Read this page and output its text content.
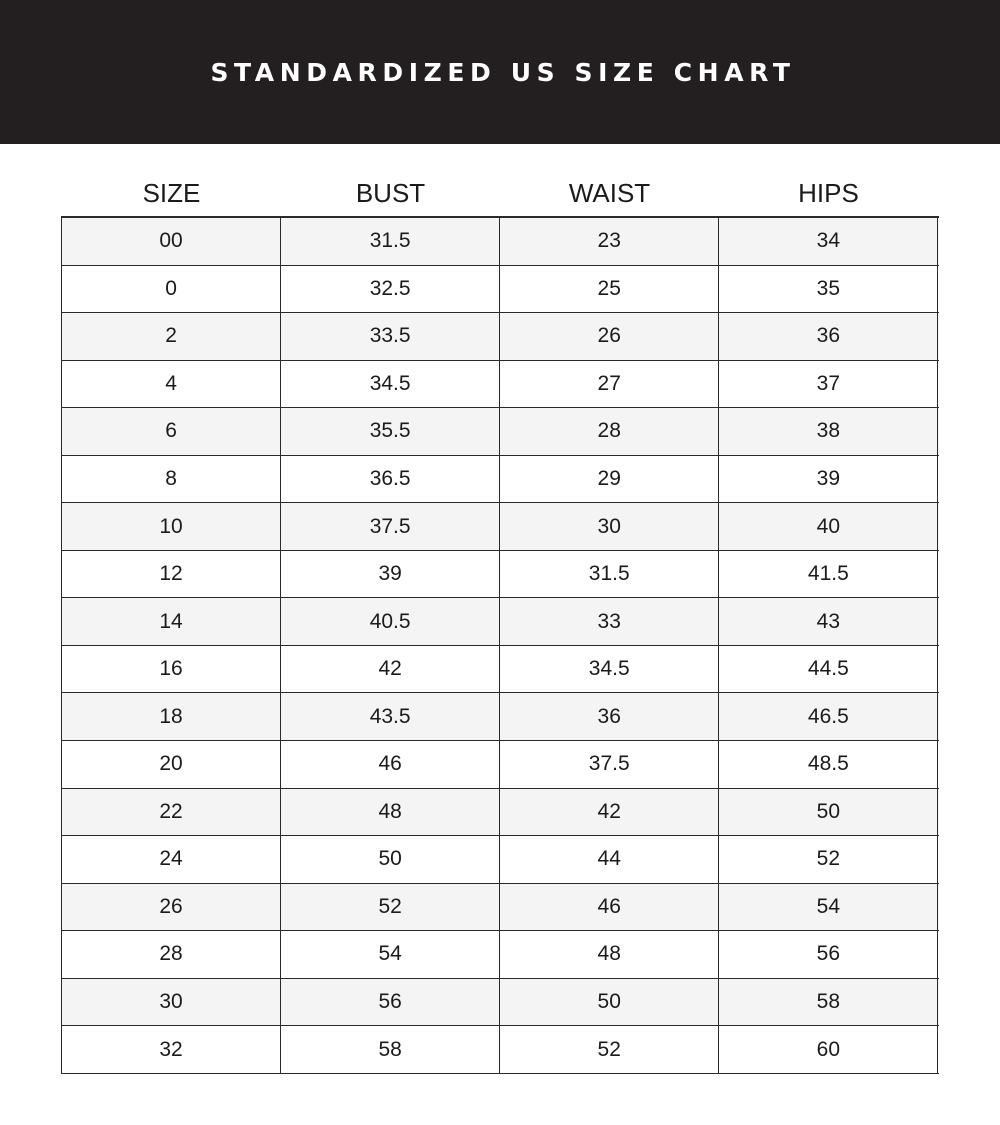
STANDARDIZED US SIZE CHART
SIZE	BUST	WAIST	HIPS
00	31.5	23	34
0	32.5	25	35
2	33.5	26	36
4	34.5	27	37
6	35.5	28	38
8	36.5	29	39
10	37.5	30	40
12	39	31.5	41.5
14	40.5	33	43
16	42	34.5	44.5
18	43.5	36	46.5
20	46	37.5	48.5
22	48	42	50
24	50	44	52
26	52	46	54
28	54	48	56
30	56	50	58
32	58	52	60
